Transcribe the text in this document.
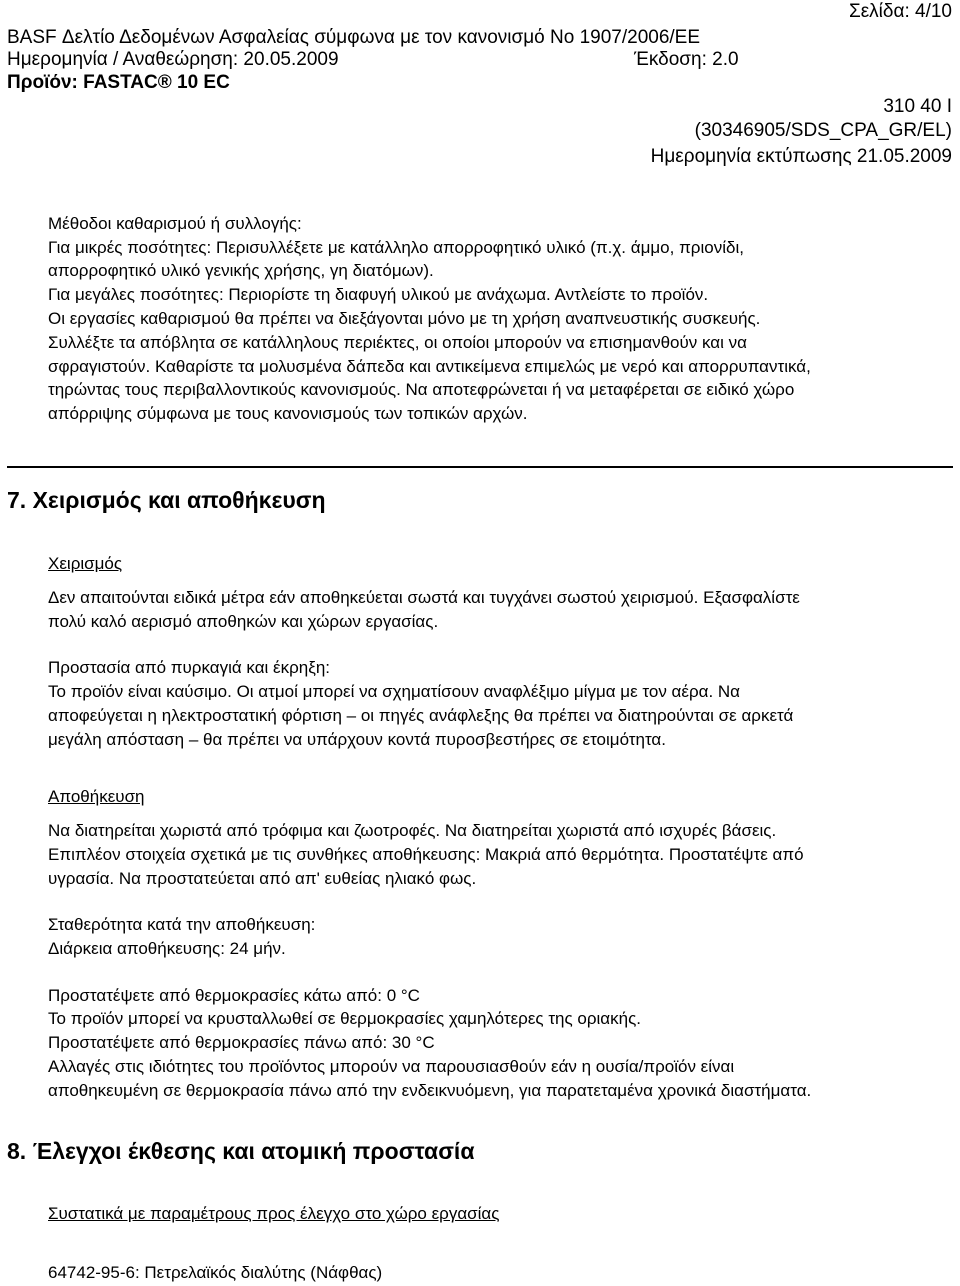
Σελίδα: 4/10
BASF Δελτίο Δεδομένων Ασφαλείας σύμφωνα με τον κανονισμό Νο 1907/2006/ΕΕ
Ημερομηνία / Αναθεώρηση: 20.05.2009	Έκδοση: 2.0
Προϊόν: FASTAC® 10 EC
310 40 I
(30346905/SDS_CPA_GR/EL)
Ημερομηνία εκτύπωσης 21.05.2009
Μέθοδοι καθαρισμού ή συλλογής:
Για μικρές ποσότητες: Περισυλλέξετε με κατάλληλο απορροφητικό υλικό (π.χ. άμμο, πριονίδι,
απορροφητικό υλικό γενικής χρήσης, γη διατόμων).
Για μεγάλες ποσότητες: Περιορίστε τη διαφυγή υλικού με ανάχωμα. Αντλείστε το προϊόν.
Οι εργασίες καθαρισμού θα πρέπει να διεξάγονται μόνο με τη χρήση αναπνευστικής συσκευής.
Συλλέξτε τα απόβλητα σε κατάλληλους περιέκτες, οι οποίοι μπορούν να επισημανθούν και να
σφραγιστούν. Καθαρίστε τα μολυσμένα δάπεδα και αντικείμενα επιμελώς με νερό και απορρυπαντικά,
τηρώντας τους περιβαλλοντικούς κανονισμούς. Να αποτεφρώνεται ή να μεταφέρεται σε ειδικό χώρο
απόρριψης σύμφωνα με τους κανονισμούς των τοπικών αρχών.
7. Χειρισμός και αποθήκευση
Χειρισμός
Δεν απαιτούνται ειδικά μέτρα εάν αποθηκεύεται σωστά και τυγχάνει σωστού χειρισμού. Εξασφαλίστε
πολύ καλό αερισμό αποθηκών και χώρων εργασίας.
Προστασία από πυρκαγιά και έκρηξη:
Το προϊόν είναι καύσιμο. Οι ατμοί μπορεί να σχηματίσουν αναφλέξιμο μίγμα με τον αέρα. Να
αποφεύγεται η ηλεκτροστατική φόρτιση – οι πηγές ανάφλεξης θα πρέπει να διατηρούνται σε αρκετά
μεγάλη απόσταση – θα πρέπει να υπάρχουν κοντά πυροσβεστήρες σε ετοιμότητα.
Αποθήκευση
Να διατηρείται χωριστά από τρόφιμα και ζωοτροφές. Να διατηρείται χωριστά από ισχυρές βάσεις.
Επιπλέον στοιχεία σχετικά με τις συνθήκες αποθήκευσης: Μακριά από θερμότητα. Προστατέψτε από
υγρασία. Να προστατεύεται από απ' ευθείας ηλιακό φως.
Σταθερότητα κατά την αποθήκευση:
Διάρκεια αποθήκευσης: 24 μήν.
Προστατέψετε από θερμοκρασίες κάτω από: 0 °C
Το προϊόν μπορεί να κρυσταλλωθεί σε θερμοκρασίες χαμηλότερες της οριακής.
Προστατέψετε από θερμοκρασίες πάνω από: 30 °C
Αλλαγές στις ιδιότητες του προϊόντος μπορούν να παρουσιασθούν εάν η ουσία/προϊόν είναι
αποθηκευμένη σε θερμοκρασία πάνω από την ενδεικνυόμενη, για παρατεταμένα χρονικά διαστήματα.
8. Έλεγχοι έκθεσης και ατομική προστασία
Συστατικά με παραμέτρους προς έλεγχο στο χώρο εργασίας
64742-95-6: Πετρελαϊκός διαλύτης (Νάφθας)
